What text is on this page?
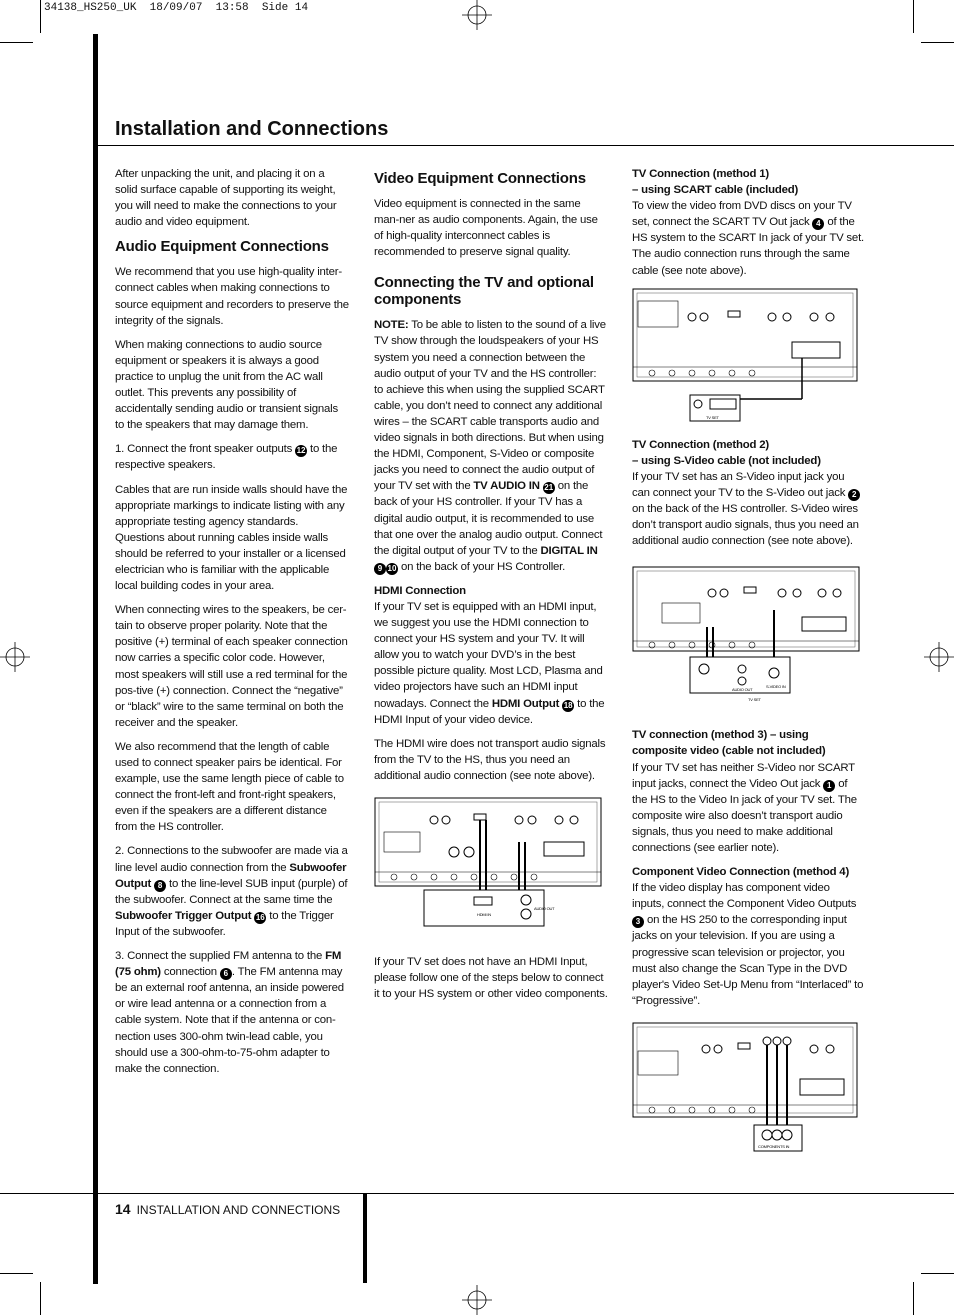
34138_HS250_UK  18/09/07  13:58  Side 14
Installation and Connections

After unpacking the unit, and placing it on a solid surface capable of supporting its weight, you will need to make the connections to your audio and video equipment.

Audio Equipment Connections

We recommend that you use high-quality inter-connect cables when making connections to source equipment and recorders to preserve the integrity of the signals.

When making connections to audio source equipment or speakers it is always a good practice to unplug the unit from the AC wall outlet. This prevents any possibility of accidentally sending audio or transient signals to the speakers that may damage them.

1. Connect the front speaker outputs 12 to the respective speakers.

Cables that are run inside walls should have the appropriate markings to indicate listing with any appropriate testing agency standards. Questions about running cables inside walls should be referred to your installer or a licensed electrician who is familiar with the applicable local building codes in your area.

When connecting wires to the speakers, be cer-tain to observe proper polarity. Note that the positive (+) terminal of each speaker connection now carries a specific color code. However, most speakers will still use a red terminal for the pos-tive (+) connection. Connect the “negative” or “black” wire to the same terminal on both the receiver and the speaker.

We also recommend that the length of cable used to connect speaker pairs be identical. For example, use the same length piece of cable to connect the front-left and front-right speakers, even if the speakers are a different distance from the HS controller.

2. Connections to the subwoofer are made via a line level audio connection from the Subwoofer Output 8 to the line-level SUB input (purple) of the subwoofer. Connect at the same time the Subwoofer Trigger Output 16 to the Trigger Input of the subwoofer.

3. Connect the supplied FM antenna to the FM (75 ohm) connection 6 . The FM antenna may be an external roof antenna, an inside powered or wire lead antenna or a connection from a cable system. Note that if the antenna or con-nection uses 300-ohm twin-lead cable, you should use a 300-ohm-to-75-ohm adapter to make the connection.

Video Equipment Connections

Video equipment is connected in the same man-ner as audio components. Again, the use of high-quality interconnect cables is recommended to preserve signal quality.

Connecting the TV and optional components

NOTE: To be able to listen to the sound of a live TV show through the loudspeakers of your HS system you need a connection between the audio output of your TV and the HS controller: to achieve this when using the supplied SCART cable, you don’t need to connect any additional wires – the SCART cable transports audio and video signals in both directions. But when using the HDMI, Component, S-Video or composite jacks you need to connect the audio output of your TV set with the TV AUDIO IN 21 on the back of your HS controller. If your TV has a digital audio output, it is recommended to use that one over the analog audio output. Connect the digital output of your TV to the DIGITAL IN 9 10 on the back of your HS Controller.

HDMI Connection

If your TV set is equipped with an HDMI input, we suggest you use the HDMI connection to connect your HS system and your TV. It will allow you to watch your DVD’s in the best possible picture quality. Most LCD, Plasma and video projectors have such an HDMI input nowadays. Connect the HDMI Output 18 to the HDMI Input of your video device.

The HDMI wire does not transport audio signals from the TV to the HS, thus you need an additional audio connection (see note above).

HDMI IN
AUDIO OUT

If your TV set does not have an HDMI Input, please follow one of the steps below to connect it to your HS system or other video components.

TV Connection (method 1)
– using SCART cable (included)

To view the video from DVD discs on your TV set, connect the SCART TV Out jack 4 of the HS system to the SCART In jack of your TV set. The audio connection runs through the same cable (see note above).

TV SET
TV Connection (method 2)
– using S-Video cable (not included)

If your TV set has an S-Video input jack you can connect your TV to the S-Video out jack 2 on the back of the HS controller. S-Video wires don’t transport audio signals, thus you need an additional audio connection (see note above).

S-VIDEO IN
AUDIO OUT
TV SET
TV connection (method 3) – using
composite video (cable not included)

If your TV set has neither S-Video nor SCART input jacks, connect the Video Out jack 1 of the HS to the Video In jack of your TV set. The composite wire also doesn’t transport audio signals, thus you need to make additional connections (see earlier note).

Component Video Connection (method 4)

If the video display has component video inputs, connect the Component Video Outputs 3 on the HS 250 to the corresponding input jacks on your television. If you are using a progressive scan television or projector, you must also change the Scan Type in the DVD player's Video Set-Up Menu from “Interlaced” to “Progressive”.

COMPONENTS IN
14 INSTALLATION AND CONNECTIONS
